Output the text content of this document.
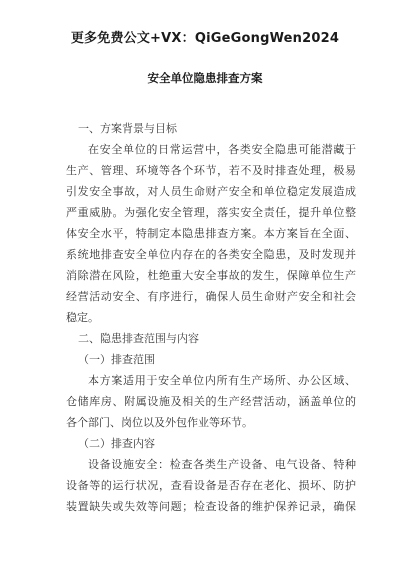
更多免费公文+VX：QiGeGongWen2024
安全单位隐患排查方案
一、方案背景与目标
在安全单位的日常运营中，各类安全隐患可能潜藏于
生产、管理、环境等各个环节，若不及时排查处理，极易
引发安全事故，对人员生命财产安全和单位稳定发展造成
严重威胁。为强化安全管理，落实安全责任，提升单位整
体安全水平，特制定本隐患排查方案。本方案旨在全面、
系统地排查安全单位内存在的各类安全隐患，及时发现并
消除潜在风险，杜绝重大安全事故的发生，保障单位生产
经营活动安全、有序进行，确保人员生命财产安全和社会
稳定。
二、隐患排查范围与内容
（一）排查范围
本方案适用于安全单位内所有生产场所、办公区域、
仓储库房、附属设施及相关的生产经营活动，涵盖单位的
各个部门、岗位以及外包作业等环节。
（二）排查内容
设备设施安全：检查各类生产设备、电气设备、特种
设备等的运行状况，查看设备是否存在老化、损坏、防护
装置缺失或失效等问题；检查设备的维护保养记录，确保
